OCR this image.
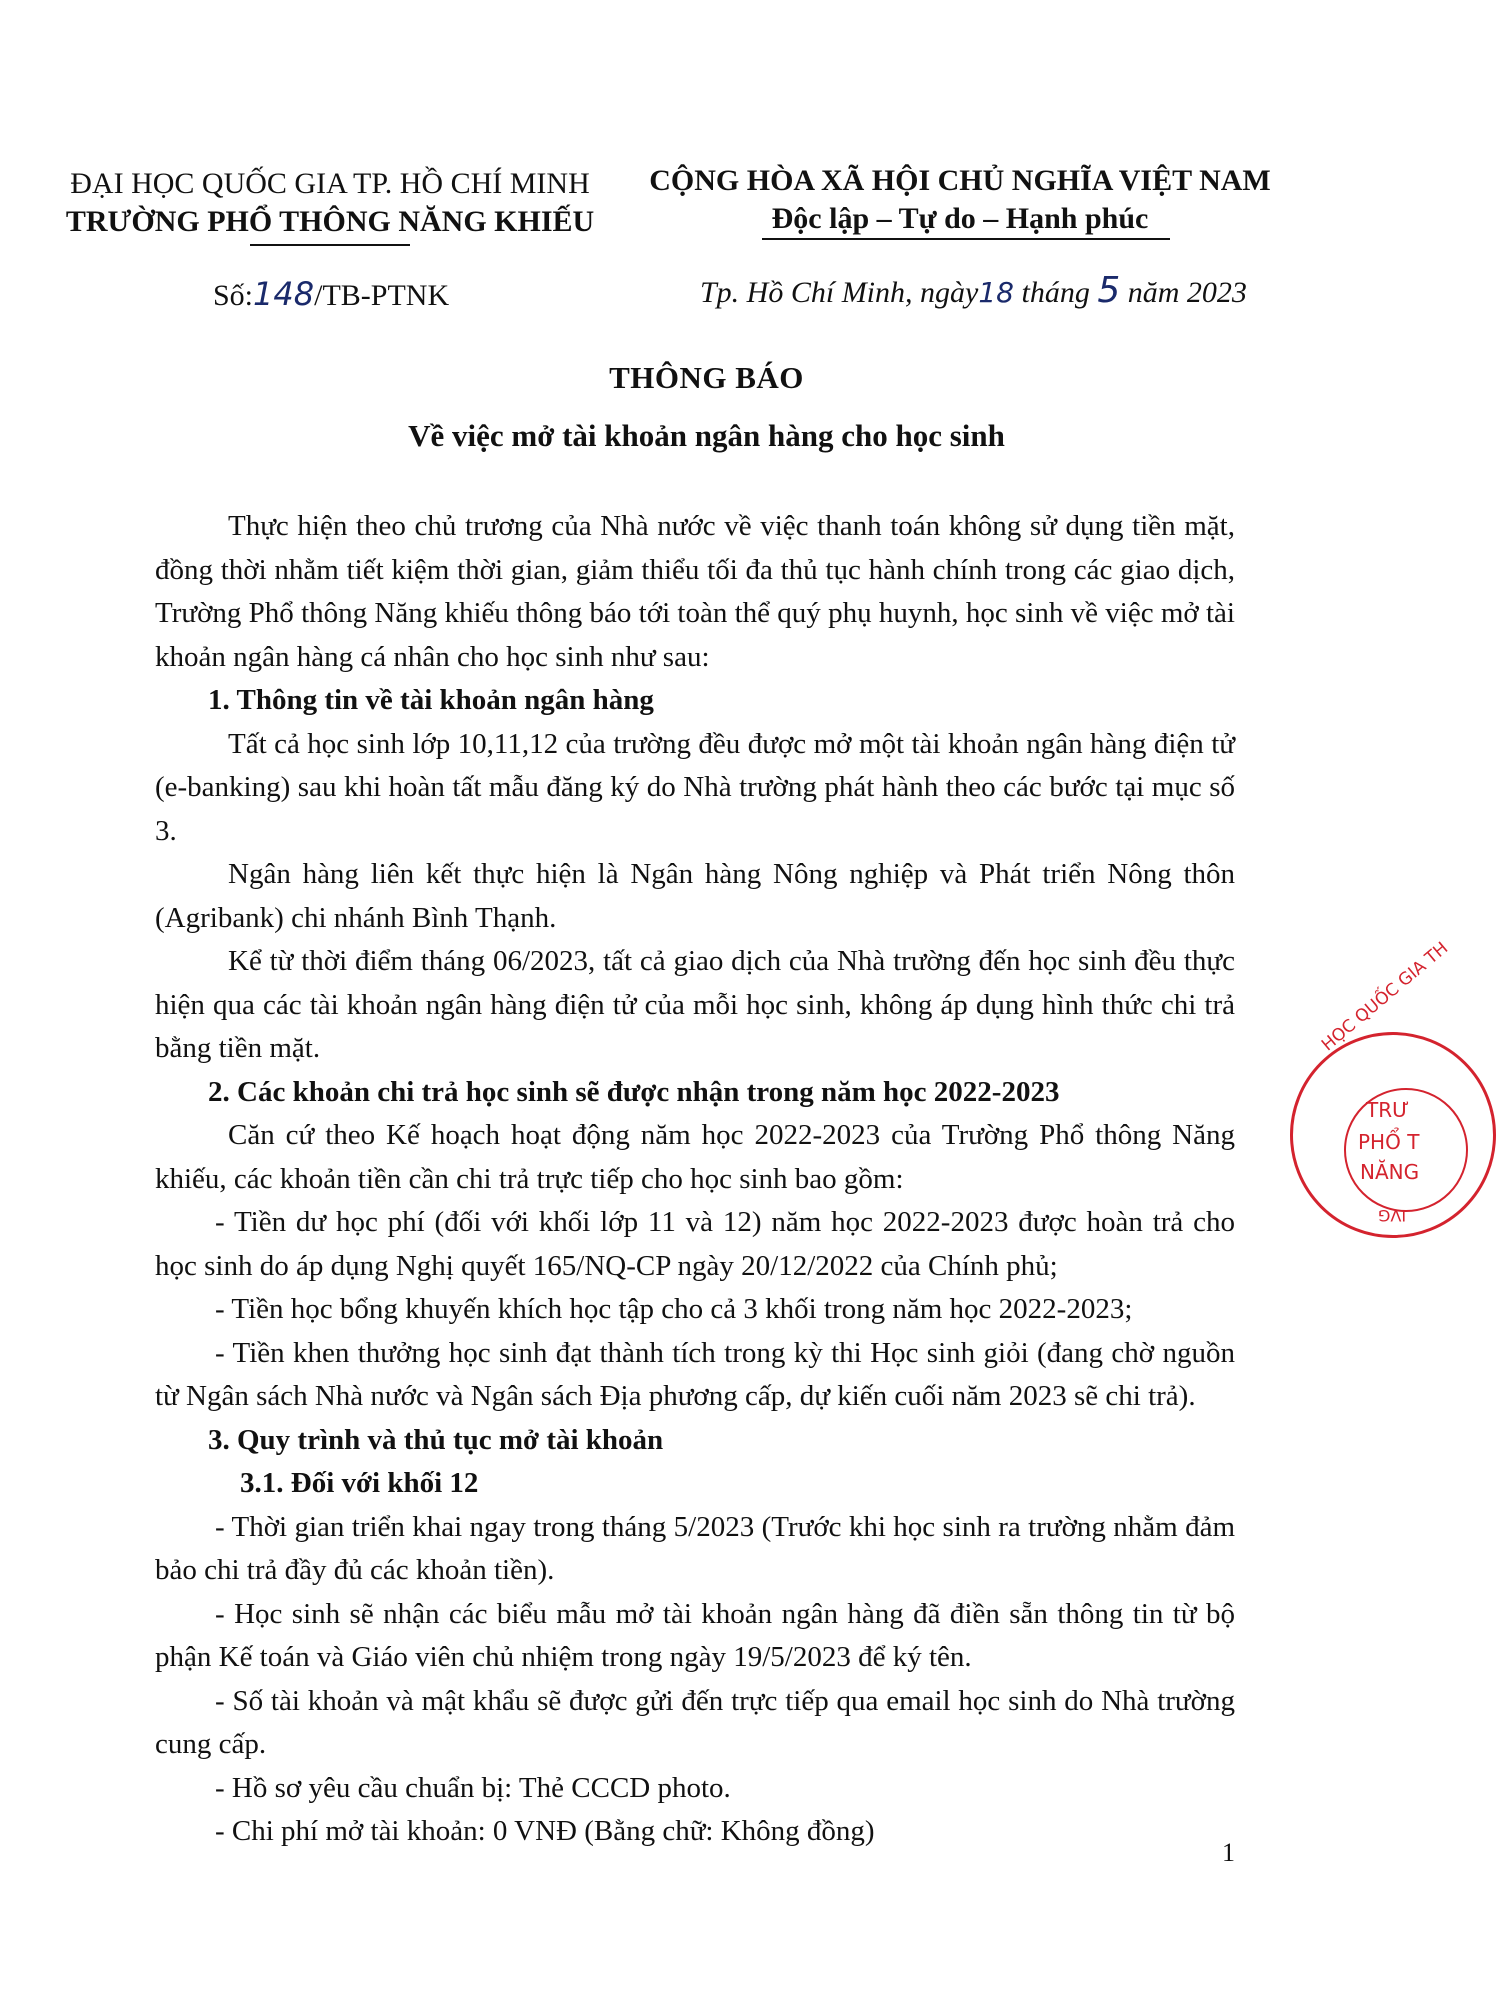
ĐẠI HỌC QUỐC GIA TP. HỒ CHÍ MINH
TRƯỜNG PHỔ THÔNG NĂNG KHIẾU
CỘNG HÒA XÃ HỘI CHỦ NGHĨA VIỆT NAM
Độc lập – Tự do – Hạnh phúc
Số:148/TB-PTNK	Tp. Hồ Chí Minh, ngày18 tháng 5 năm 2023
THÔNG BÁO
Về việc mở tài khoản ngân hàng cho học sinh

Thực hiện theo chủ trương của Nhà nước về việc thanh toán không sử dụng tiền mặt, đồng thời nhằm tiết kiệm thời gian, giảm thiểu tối đa thủ tục hành chính trong các giao dịch, Trường Phổ thông Năng khiếu thông báo tới toàn thể quý phụ huynh, học sinh về việc mở tài khoản ngân hàng cá nhân cho học sinh như sau:

1. Thông tin về tài khoản ngân hàng

Tất cả học sinh lớp 10,11,12 của trường đều được mở một tài khoản ngân hàng điện tử (e-banking) sau khi hoàn tất mẫu đăng ký do Nhà trường phát hành theo các bước tại mục số 3.

Ngân hàng liên kết thực hiện là Ngân hàng Nông nghiệp và Phát triển Nông thôn (Agribank) chi nhánh Bình Thạnh.

Kể từ thời điểm tháng 06/2023, tất cả giao dịch của Nhà trường đến học sinh đều thực hiện qua các tài khoản ngân hàng điện tử của mỗi học sinh, không áp dụng hình thức chi trả bằng tiền mặt.

2. Các khoản chi trả học sinh sẽ được nhận trong năm học 2022-2023

Căn cứ theo Kế hoạch hoạt động năm học 2022-2023 của Trường Phổ thông Năng khiếu, các khoản tiền cần chi trả trực tiếp cho học sinh bao gồm:

- Tiền dư học phí (đối với khối lớp 11 và 12) năm học 2022-2023 được hoàn trả cho học sinh do áp dụng Nghị quyết 165/NQ-CP ngày 20/12/2022 của Chính phủ;

- Tiền học bổng khuyến khích học tập cho cả 3 khối trong năm học 2022-2023;

- Tiền khen thưởng học sinh đạt thành tích trong kỳ thi Học sinh giỏi (đang chờ nguồn từ Ngân sách Nhà nước và Ngân sách Địa phương cấp, dự kiến cuối năm 2023 sẽ chi trả).

3. Quy trình và thủ tục mở tài khoản

3.1. Đối với khối 12

- Thời gian triển khai ngay trong tháng 5/2023 (Trước khi học sinh ra trường nhằm đảm bảo chi trả đầy đủ các khoản tiền).

- Học sinh sẽ nhận các biểu mẫu mở tài khoản ngân hàng đã điền sẵn thông tin từ bộ phận Kế toán và Giáo viên chủ nhiệm trong ngày 19/5/2023 để ký tên.

- Số tài khoản và mật khẩu sẽ được gửi đến trực tiếp qua email học sinh do Nhà trường cung cấp.

- Hồ sơ yêu cầu chuẩn bị: Thẻ CCCD photo.

- Chi phí mở tài khoản: 0 VNĐ (Bằng chữ: Không đồng)

HỌC QUỐC GIA TH
TRƯ
PHỔ T
NĂNG
IVG
1
